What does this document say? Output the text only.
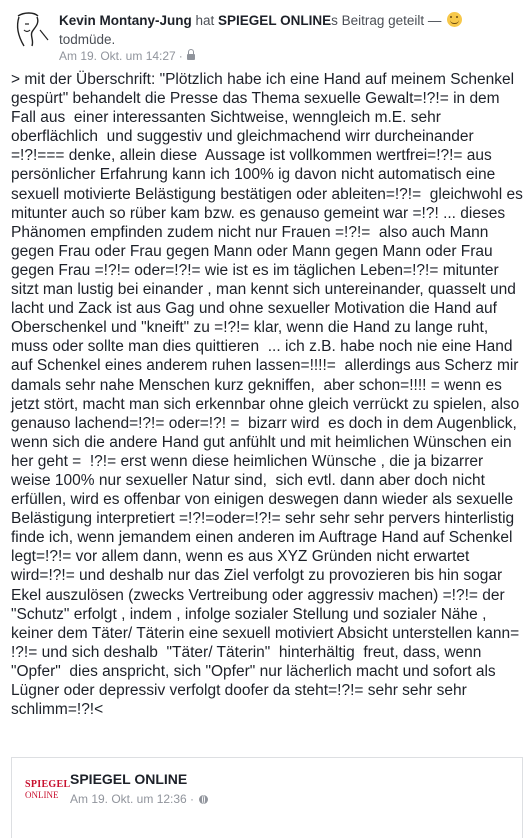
Kevin Montany-Jung hat SPIEGEL ONLINEs Beitrag geteilt —
todmüde.
Am 19. Okt. um 14:27 ·
> mit der Überschrift: "Plötzlich habe ich eine Hand auf meinem Schenkel gespürt" behandelt die Presse das Thema sexuelle Gewalt=!?!= in dem Fall aus  einer interessanten Sichtweise, wenngleich m.E. sehr oberflächlich  und suggestiv und gleichmachend wirr durcheinander =!?!=== denke, allein diese  Aussage ist vollkommen wertfrei=!?!= aus persönlicher Erfahrung kann ich 100% ig davon nicht automatisch eine sexuell motivierte Belästigung bestätigen oder ableiten=!?!=  gleichwohl es mitunter auch so rüber kam bzw. es genauso gemeint war =!?! ... dieses Phänomen empfinden zudem nicht nur Frauen =!?!=  also auch Mann gegen Frau oder Frau gegen Mann oder Mann gegen Mann oder Frau gegen Frau =!?!= oder=!?!= wie ist es im täglichen Leben=!?!= mitunter sitzt man lustig bei einander , man kennt sich untereinander, quasselt und lacht und Zack ist aus Gag und ohne sexueller Motivation die Hand auf Oberschenkel und "kneift" zu =!?!= klar, wenn die Hand zu lange ruht, muss oder sollte man dies quittieren  ... ich z.B. habe noch nie eine Hand auf Schenkel eines anderem ruhen lassen=!!!!=  allerdings aus Scherz mir damals sehr nahe Menschen kurz gekniffen,  aber schon=!!!! = wenn es jetzt stört, macht man sich erkennbar ohne gleich verrückt zu spielen, also genauso lachend=!?!= oder=!?! =  bizarr wird  es doch in dem Augenblick, wenn sich die andere Hand gut anfühlt und mit heimlichen Wünschen ein her geht =  !?!= erst wenn diese heimlichen Wünsche , die ja bizarrer weise 100% nur sexueller Natur sind,  sich evtl. dann aber doch nicht erfüllen, wird es offenbar von einigen deswegen dann wieder als sexuelle Belästigung interpretiert =!?!=oder=!?!= sehr sehr sehr pervers hinterlistig finde ich, wenn jemandem einen anderen im Auftrage Hand auf Schenkel legt=!?!= vor allem dann, wenn es aus XYZ Gründen nicht erwartet wird=!?!= und deshalb nur das Ziel verfolgt zu provozieren bis hin sogar Ekel auszulösen (zwecks Vertreibung oder aggressiv machen) =!?!= der "Schutz" erfolgt , indem , infolge sozialer Stellung und sozialer Nähe , keiner dem Täter/ Täterin eine sexuell motiviert Absicht unterstellen kann= !?!= und sich deshalb  "Täter/ Täterin"  hinterhältig  freut, dass, wenn "Opfer"  dies anspricht, sich "Opfer" nur lächerlich macht und sofort als Lügner oder depressiv verfolgt doofer da steht=!?!= sehr sehr sehr schlimm=!?!<
SPIEGEL
ONLINE
SPIEGEL ONLINE
Am 19. Okt. um 12:36 ·
